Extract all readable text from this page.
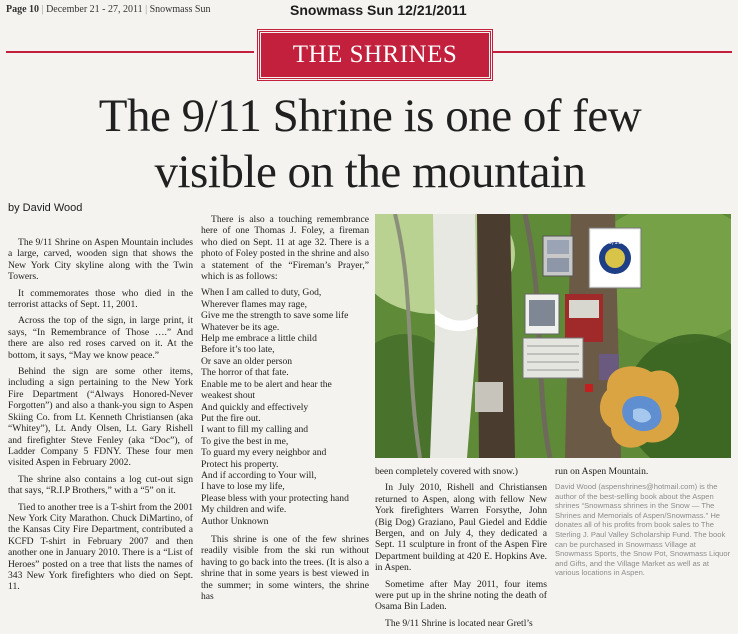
Page 10 | December 21 - 27, 2011 | Snowmass Sun	Snowmass Sun 12/21/2011
THE SHRINES
The 9/11 Shrine is one of few
visible on the mountain
by David Wood

The 9/11 Shrine on Aspen Mountain includes a large, carved, wooden sign that shows the New York City skyline along with the Twin Towers.

It commemorates those who died in the terrorist attacks of Sept. 11, 2001.

Across the top of the sign, in large print, it says, “In Remembrance of Those ….” And there are also red roses carved on it. At the bottom, it says, “May we know peace.”

Behind the sign are some other items, including a sign pertaining to the New York Fire Department (“Always Honored-Never Forgotten”) and also a thank-you sign to Aspen Skiing Co. from Lt. Kenneth Christiansen (aka “Whitey”), Lt. Andy Olsen, Lt. Gary Rishell and firefighter Steve Fenley (aka “Doc”), of Ladder Company 5 FDNY. These four men visited Aspen in February 2002.

The shrine also contains a log cut-out sign that says, “R.I.P Brothers,” with a “5” on it.

Tied to another tree is a T-shirt from the 2001 New York City Marathon. Chuck DiMartino, of the Kansas City Fire Department, contributed a KCFD T-shirt in February 2007 and then another one in January 2010. There is a “List of Heroes” posted on a tree that lists the names of 343 New York firefighters who died on Sept. 11.

There is also a touching remembrance here of one Thomas J. Foley, a fireman who died on Sept. 11 at age 32. There is a photo of Foley posted in the shrine and also a statement of the “Fireman’s Prayer,” which is as follows:

When I am called to duty, God,
Wherever flames may rage,
Give me the strength to save some life
Whatever be its age.
Help me embrace a little child
Before it’s too late,
Or save an older person
The horror of that fate.
Enable me to be alert and hear the
weakest shout
And quickly and effectively
Put the fire out.
I want to fill my calling and
To give the best in me,
To guard my every neighbor and
Protect his property.
And if according to Your will,
I have to lose my life,
Please bless with your protecting hand
My children and wife.
Author Unknown

This shrine is one of the few shrines readily visible from the ski run without having to go back into the trees. (It is also a shrine that in some years is best viewed in the summer; in some winters, the shrine has

9/11

been completely covered with snow.)

In July 2010, Rishell and Christiansen returned to Aspen, along with fellow New York firefighters Warren Forsythe, John (Big Dog) Graziano, Paul Giedel and Eddie Bergen, and on July 4, they dedicated a Sept. 11 sculpture in front of the Aspen Fire Department building at 420 E. Hopkins Ave. in Aspen.

Sometime after May 2011, four items were put up in the shrine noting the death of Osama Bin Laden.

The 9/11 Shrine is located near Gretl’s

run on Aspen Mountain.

David Wood (aspenshrines@hotmail.com) is the author of the best-selling book about the Aspen shrines “Snowmass shrines in the Snow — The Shrines and Memorials of Aspen/Snowmass.” He donates all of his profits from book sales to The Sterling J. Paul Valley Scholarship Fund. The book can be purchased in Snowmass Village at Snowmass Sports, the Snow Pot, Snowmass Liquor and Gifts, and the Village Market as well as at various locations in Aspen.
